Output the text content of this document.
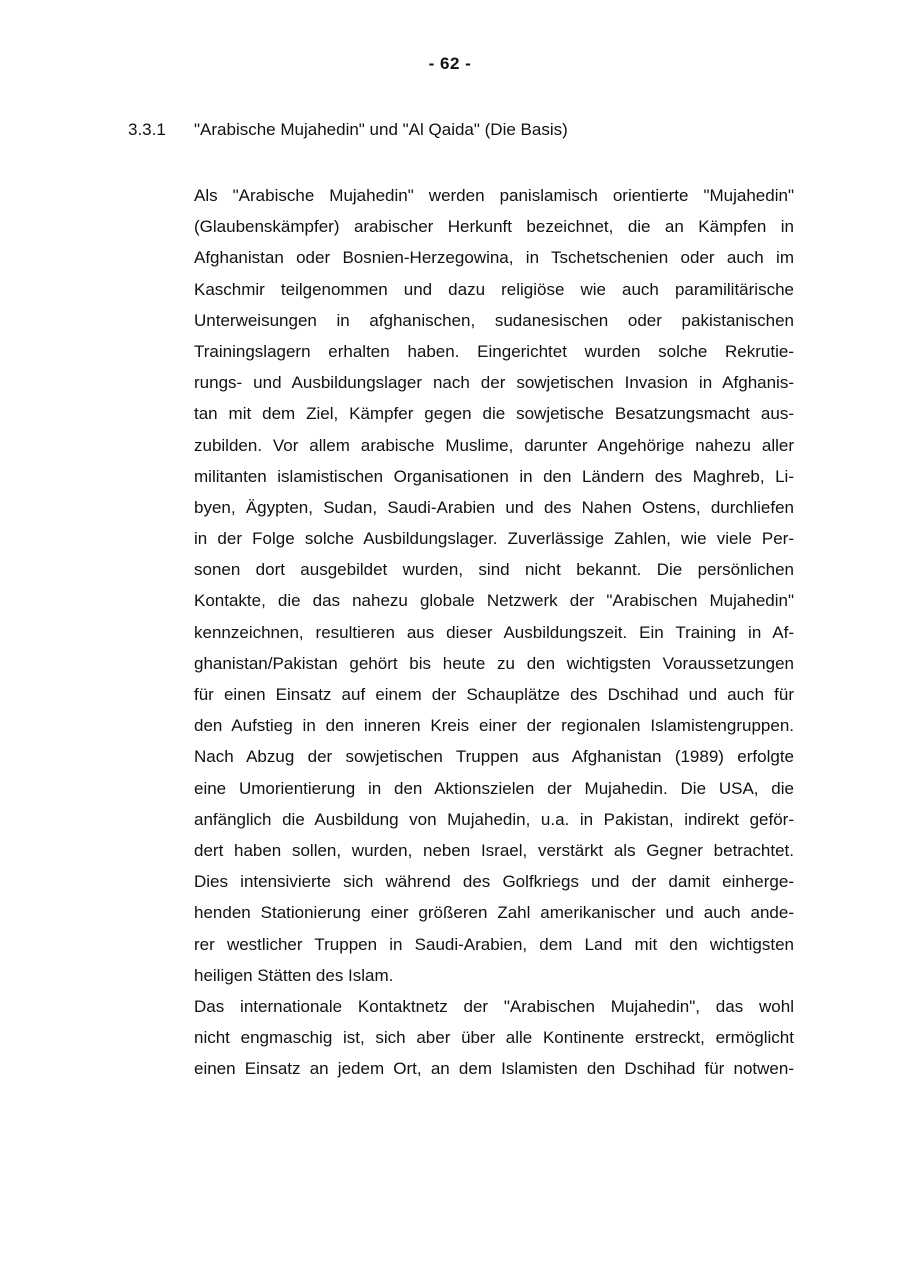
- 62 -
3.3.1 "Arabische Mujahedin" und "Al Qaida" (Die Basis)
Als "Arabische Mujahedin" werden panislamisch orientierte "Mujahedin"
(Glaubenskämpfer) arabischer Herkunft bezeichnet, die an Kämpfen in
Afghanistan oder Bosnien-Herzegowina, in Tschetschenien oder auch im
Kaschmir teilgenommen und dazu religiöse wie auch paramilitärische
Unterweisungen in afghanischen, sudanesischen oder pakistanischen
Trainingslagern erhalten haben. Eingerichtet wurden solche Rekrutie-
rungs- und Ausbildungslager nach der sowjetischen Invasion in Afghanis-
tan mit dem Ziel, Kämpfer gegen die sowjetische Besatzungsmacht aus-
zubilden. Vor allem arabische Muslime, darunter Angehörige nahezu aller
militanten islamistischen Organisationen in den Ländern des Maghreb, Li-
byen, Ägypten, Sudan, Saudi-Arabien und des Nahen Ostens, durchliefen
in der Folge solche Ausbildungslager. Zuverlässige Zahlen, wie viele Per-
sonen dort ausgebildet wurden, sind nicht bekannt. Die persönlichen
Kontakte, die das nahezu globale Netzwerk der "Arabischen Mujahedin"
kennzeichnen, resultieren aus dieser Ausbildungszeit. Ein Training in Af-
ghanistan/Pakistan gehört bis heute zu den wichtigsten Voraussetzungen
für einen Einsatz auf einem der Schauplätze des Dschihad und auch für
den Aufstieg in den inneren Kreis einer der regionalen Islamistengruppen.
Nach Abzug der sowjetischen Truppen aus Afghanistan (1989) erfolgte
eine Umorientierung in den Aktionszielen der Mujahedin. Die USA, die
anfänglich die Ausbildung von Mujahedin, u.a. in Pakistan, indirekt geför-
dert haben sollen, wurden, neben Israel, verstärkt als Gegner betrachtet.
Dies intensivierte sich während des Golfkriegs und der damit einherge-
henden Stationierung einer größeren Zahl amerikanischer und auch ande-
rer westlicher Truppen in Saudi-Arabien, dem Land mit den wichtigsten
heiligen Stätten des Islam.
Das internationale Kontaktnetz der "Arabischen Mujahedin", das wohl
nicht engmaschig ist, sich aber über alle Kontinente erstreckt, ermöglicht
einen Einsatz an jedem Ort, an dem Islamisten den Dschihad für notwen-
